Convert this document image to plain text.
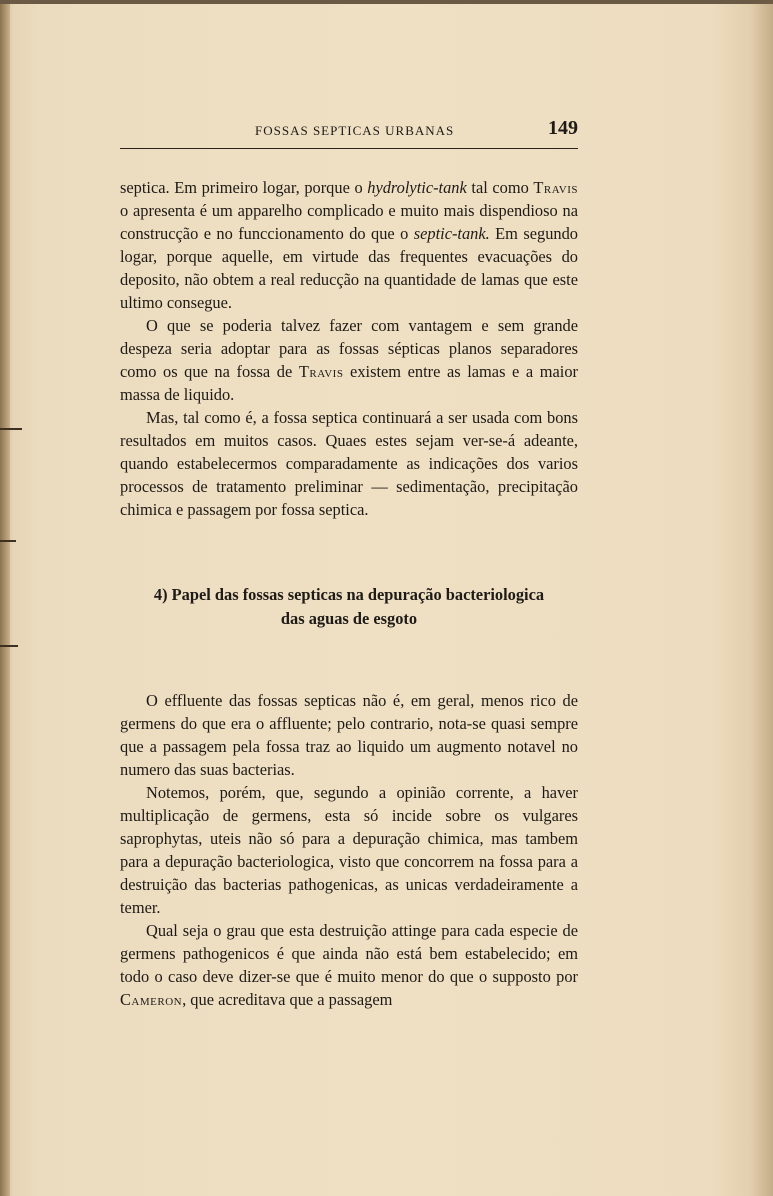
FOSSAS SEPTICAS URBANAS	149

septica. Em primeiro logar, porque o hydrolytic-tank tal como Travis o apresenta é um apparelho complicado e muito mais dispendioso na construcção e no funccionamento do que o septic-tank. Em segundo logar, porque aquelle, em virtude das frequentes evacuações do deposito, não obtem a real reducção na quantidade de lamas que este ultimo consegue.

O que se poderia talvez fazer com vantagem e sem grande despeza seria adoptar para as fossas sépticas planos separadores como os que na fossa de Travis existem entre as lamas e a maior massa de liquido.

Mas, tal como é, a fossa septica continuará a ser usada com bons resultados em muitos casos. Quaes estes sejam ver-se-á adeante, quando estabelecermos comparadamente as indicações dos varios processos de tratamento preliminar — sedimentação, precipitação chimica e passagem por fossa septica.

4) Papel das fossas septicas na depuração bacteriologica
das aguas de esgoto

O effluente das fossas septicas não é, em geral, menos rico de germens do que era o affluente; pelo contrario, nota-se quasi sempre que a passagem pela fossa traz ao liquido um augmento notavel no numero das suas bacterias.

Notemos, porém, que, segundo a opinião corrente, a haver multiplicação de germens, esta só incide sobre os vulgares saprophytas, uteis não só para a depuração chimica, mas tambem para a depuração bacteriologica, visto que concorrem na fossa para a destruição das bacterias pathogenicas, as unicas verdadeiramente a temer.

Qual seja o grau que esta destruição attinge para cada especie de germens pathogenicos é que ainda não está bem estabelecido; em todo o caso deve dizer-se que é muito menor do que o supposto por Cameron, que acreditava que a passagem
